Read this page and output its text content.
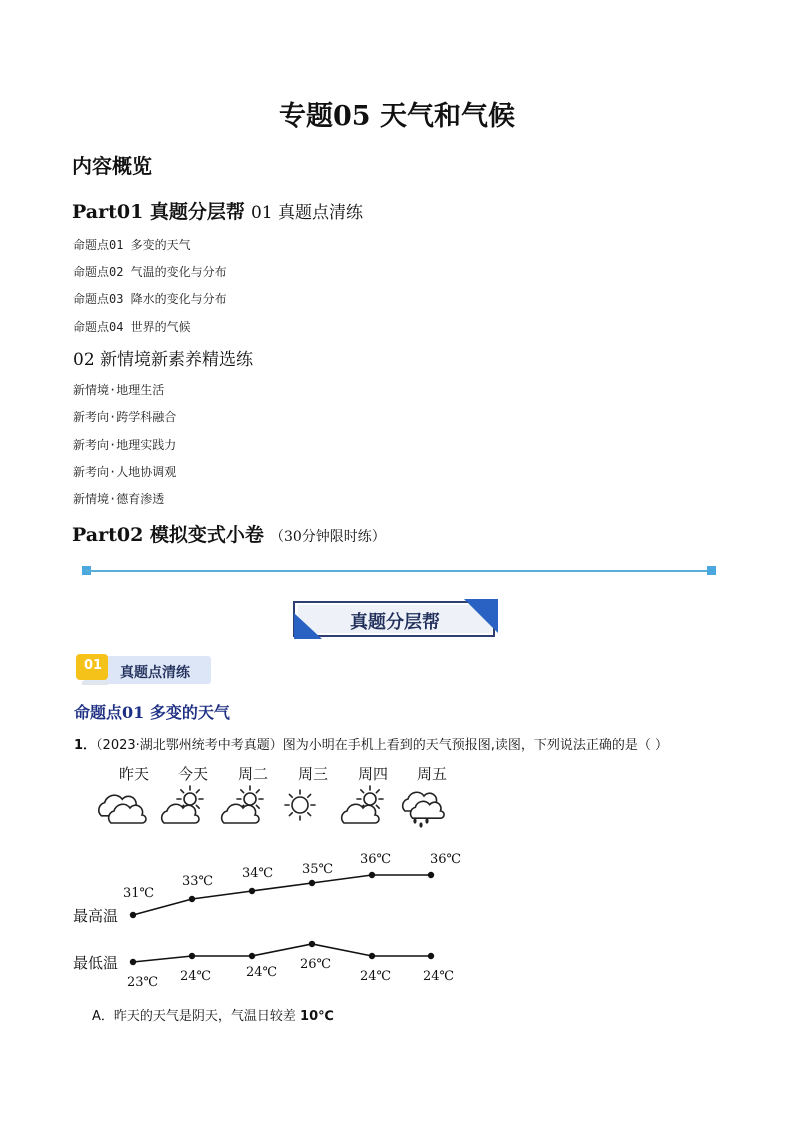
专题05 天气和气候
内容概览
Part01 真题分层帮 01 真题点清练
命题点01 多变的天气
命题点02 气温的变化与分布
命题点03 降水的变化与分布
命题点04 世界的气候
02 新情境新素养精选练
新情境·地理生活
新考向·跨学科融合
新考向·地理实践力
新考向·人地协调观
新情境·德育渗透
Part02 模拟变式小卷 （30分钟限时练）
真题分层帮
01	真题点清练
命题点01 多变的天气
1．（2023·湖北鄂州统考中考真题）图为小明在手机上看到的天气预报图,读图，下列说法正确的是（ ）
昨天 今天 周二 周三 周四 周五
31℃
33℃
34℃ 35℃
36℃	36℃
最高温
23℃ 24℃	24℃
26℃
24℃ 24℃
最低温
A．昨天的天气是阴天，气温日较差 10℃
